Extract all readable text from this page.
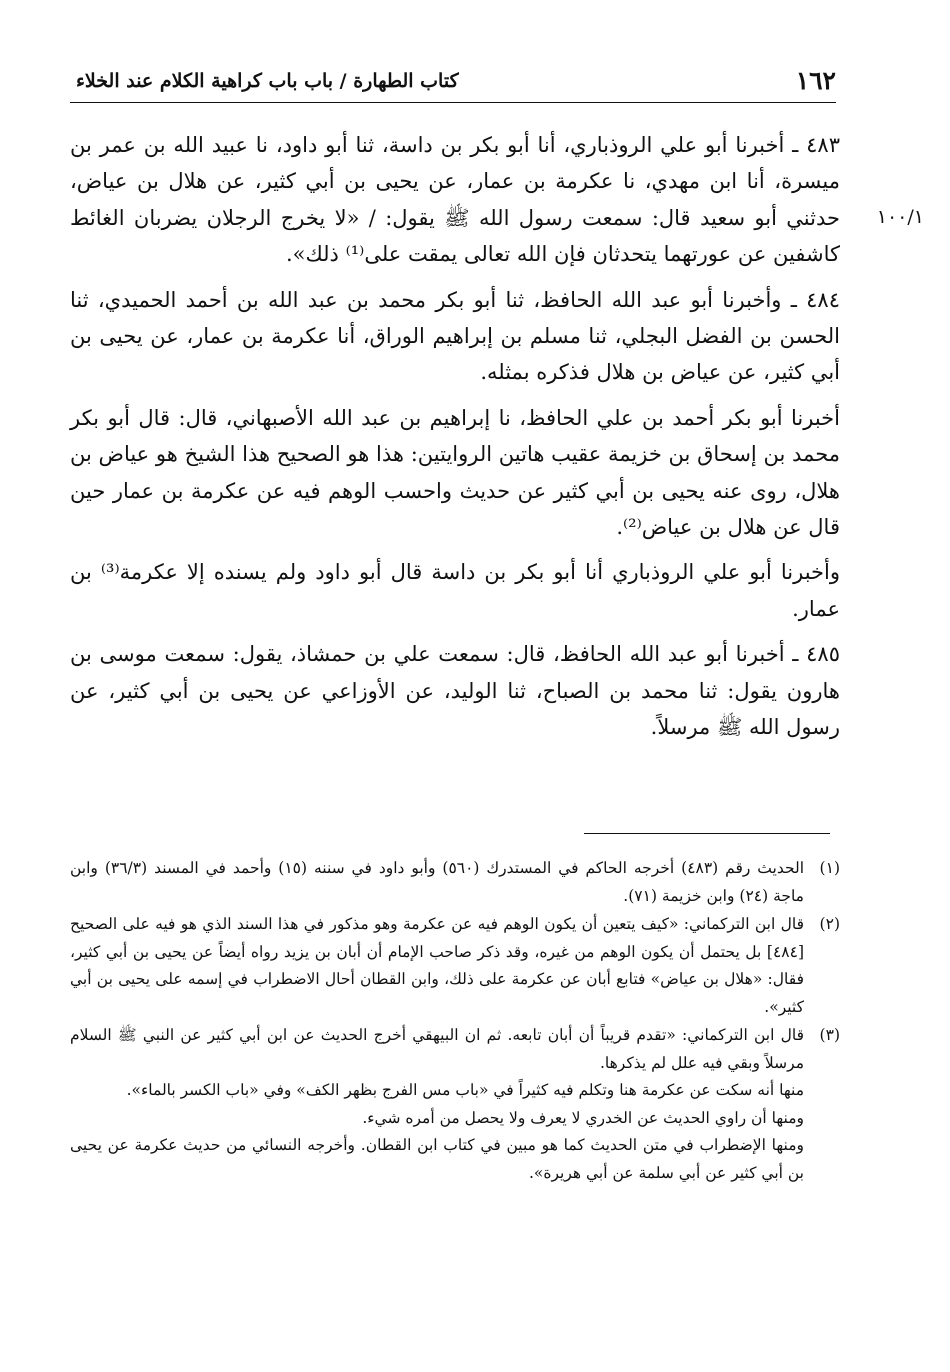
١٦٢
كتاب الطهارة / باب باب كراهية الكلام عند الخلاء

٤٨٣ ـ أخبرنا أبو علي الروذباري، أنا أبو بكر بن داسة، ثنا أبو داود، نا عبيد الله بن عمر بن ميسرة، أنا ابن مهدي، نا عكرمة بن عمار، عن يحيى بن أبي كثير، عن هلال بن عياض، حدثني أبو سعيد قال: سمعت رسول الله ﷺ يقول: / «لا يخرج الرجلان يضربان الغائط كاشفين عن عورتهما يتحدثان فإن الله تعالى يمقت على⁽¹⁾ ذلك».

٤٨٤ ـ وأخبرنا أبو عبد الله الحافظ، ثنا أبو بكر محمد بن عبد الله بن أحمد الحميدي، ثنا الحسن بن الفضل البجلي، ثنا مسلم بن إبراهيم الوراق، أنا عكرمة بن عمار، عن يحيى بن أبي كثير، عن عياض بن هلال فذكره بمثله.

أخبرنا أبو بكر أحمد بن علي الحافظ، نا إبراهيم بن عبد الله الأصبهاني، قال: قال أبو بكر محمد بن إسحاق بن خزيمة عقيب هاتين الروايتين: هذا هو الصحيح هذا الشيخ هو عياض بن هلال، روى عنه يحيى بن أبي كثير عن حديث واحسب الوهم فيه عن عكرمة بن عمار حين قال عن هلال بن عياض⁽²⁾.

وأخبرنا أبو علي الروذباري أنا أبو بكر بن داسة قال أبو داود ولم يسنده إلا عكرمة⁽³⁾ بن عمار.

٤٨٥ ـ أخبرنا أبو عبد الله الحافظ، قال: سمعت علي بن حمشاذ، يقول: سمعت موسى بن هارون يقول: ثنا محمد بن الصباح، ثنا الوليد، عن الأوزاعي عن يحيى بن أبي كثير، عن رسول الله ﷺ مرسلاً.

١٠٠/١
(١)
الحديث رقم (٤٨٣) أخرجه الحاكم في المستدرك (٥٦٠) وأبو داود في سننه (١٥) وأحمد في المسند (٣٦/٣) وابن ماجة (٢٤) وابن خزيمة (٧١).
(٢)
قال ابن التركماني: «كيف يتعين أن يكون الوهم فيه عن عكرمة وهو مذكور في هذا السند الذي هو فيه على الصحيح [٤٨٤] بل يحتمل أن يكون الوهم من غيره، وقد ذكر صاحب الإمام أن أبان بن يزيد رواه أيضاً عن يحيى بن أبي كثير، فقال: «هلال بن عياض» فتابع أبان عن عكرمة على ذلك، وابن القطان أحال الاضطراب في إسمه على يحيى بن أبي كثير».
(٣)
قال ابن التركماني: «تقدم قريباً أن أبان تابعه. ثم ان البيهقي أخرج الحديث عن ابن أبي كثير عن النبي ﷺ السلام مرسلاً وبقي فيه علل لم يذكرها.
منها أنه سكت عن عكرمة هنا وتكلم فيه كثيراً في «باب مس الفرج بظهر الكف» وفي «باب الكسر بالماء».
ومنها أن راوي الحديث عن الخدري لا يعرف ولا يحصل من أمره شيء.
ومنها الإضطراب في متن الحديث كما هو مبين في كتاب ابن القطان. وأخرجه النسائي من حديث عكرمة عن يحيى بن أبي كثير عن أبي سلمة عن أبي هريرة».
